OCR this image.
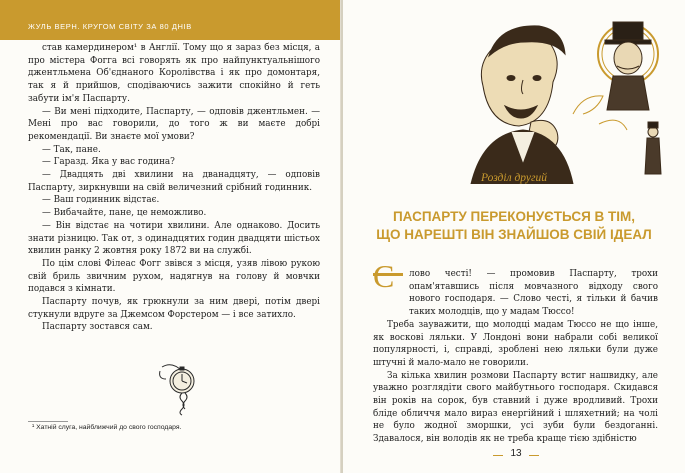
ЖУЛЬ ВЕРН. КРУГОМ СВІТУ ЗА 80 ДНІВ

став камердинером¹ в Англії. Тому що я зараз без місця, а про містера Фогга всі говорять як про найпунктуальнішого джентльмена Об'єднаного Королівства і як про домонтаря, так я й прийшов, сподіваючись зажити спокійно й геть забути ім'я Паспарту.

— Ви мені підходите, Паспарту, — одповів джентльмен. — Мені про вас говорили, до того ж ви маєте добрі рекомендації. Ви знаєте мої умови?

— Так, пане.

— Гаразд. Яка у вас година?

— Двадцять дві хвилини на дванадцяту, — одповів Паспарту, зиркнувши на свій величезний срібний годинник.

— Ваш годинник відстає.

— Вибачайте, пане, це неможливо.

— Він відстає на чотири хвилини. Але однаково. Досить знати різницю. Так от, з одинадцятих годин двадцяти шістьох хвилин ранку 2 жовтня року 1872 ви на службі.

По цім слові Філеас Фогг звівся з місця, узяв лівою рукою свій бриль звичним рухом, надягнув на голову й мовчки подався з кімнати.

Паспарту почув, як грюкнули за ним двері, потім двері стукнули вдруге за Джемсом Форстером — і все затихло.

Паспарту зостався сам.

¹ Хатній слуга, найближчий до свого господаря.
Розділ другий
ПАСПАРТУ ПЕРЕКОНУЄТЬСЯ В ТІМ,
ЩО НАРЕШТІ ВІН ЗНАЙШОВ СВІЙ ІДЕАЛ

С лово честі! — промовив Паспарту, трохи опам'ятавшись після мовчазного відходу свого нового господаря. — Слово честі, я тільки й бачив таких молодців, що у мадам Тюссо!

Треба зауважити, що молодці мадам Тюссо не що інше, як воскові ляльки. У Лондоні вони набрали собі великої популярності, і, справді, зроблені нею ляльки були дуже штучні й мало-мало не говорили.

За кілька хвилин розмови Паспарту встиг нашвидку, але уважно розглядіти свого майбутнього господаря. Скидався він років на сорок, був ставний і дуже вродливий. Трохи бліде обличчя мало вираз енергійний і шляхетний; на чолі не було жодної зморшки, усі зуби були бездоганні. Здавалося, він володів як не треба краще тією здібністю

13
